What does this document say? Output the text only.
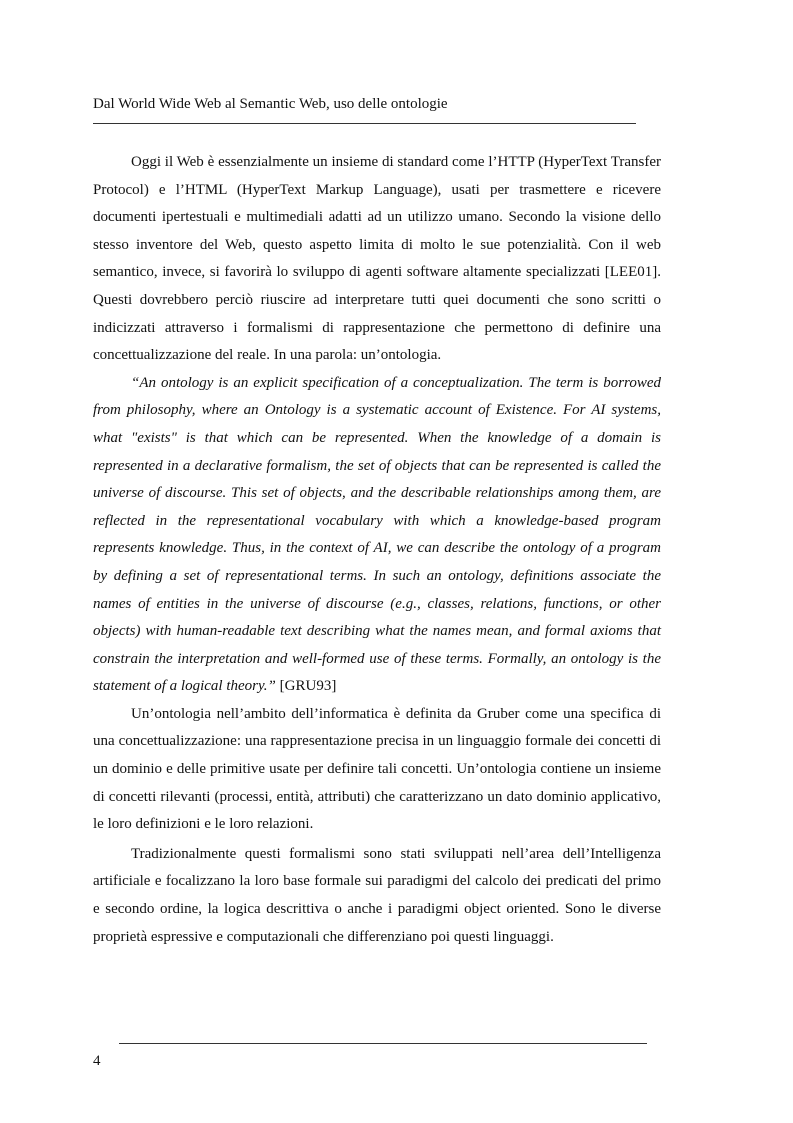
Dal World Wide Web al Semantic Web, uso delle ontologie

Oggi il Web è essenzialmente un insieme di standard come l’HTTP (HyperText Transfer Protocol) e l’HTML (HyperText Markup Language), usati per trasmettere e ricevere documenti ipertestuali e multimediali adatti ad un utilizzo umano. Secondo la visione dello stesso inventore del Web, questo aspetto limita di molto le sue potenzialità. Con il web semantico, invece, si favorirà lo sviluppo di agenti software altamente specializzati [LEE01]. Questi dovrebbero perciò riuscire ad interpretare tutti quei documenti che sono scritti o indicizzati attraverso i formalismi di rappresentazione che permettono di definire una concettualizzazione del reale. In una parola: un’ontologia.

“An ontology is an explicit specification of a conceptualization. The term is borrowed from philosophy, where an Ontology is a systematic account of Existence. For AI systems, what "exists" is that which can be represented. When the knowledge of a domain is represented in a declarative formalism, the set of objects that can be represented is called the universe of discourse. This set of objects, and the describable relationships among them, are reflected in the representational vocabulary with which a knowledge-based program represents knowledge. Thus, in the context of AI, we can describe the ontology of a program by defining a set of representational terms. In such an ontology, definitions associate the names of entities in the universe of discourse (e.g., classes, relations, functions, or other objects) with human-readable text describing what the names mean, and formal axioms that constrain the interpretation and well-formed use of these terms. Formally, an ontology is the statement of a logical theory.” [GRU93]

Un’ontologia nell’ambito dell’informatica è definita da Gruber come una specifica di una concettualizzazione: una rappresentazione precisa in un linguaggio formale dei concetti di un dominio e delle primitive usate per definire tali concetti. Un’ontologia contiene un insieme di concetti rilevanti (processi, entità, attributi) che caratterizzano un dato dominio applicativo, le loro definizioni e le loro relazioni.

Tradizionalmente questi formalismi sono stati sviluppati nell’area dell’Intelligenza artificiale e focalizzano la loro base formale sui paradigmi del calcolo dei predicati del primo e secondo ordine, la logica descrittiva o anche i paradigmi object oriented. Sono le diverse proprietà espressive e computazionali che differenziano poi questi linguaggi.

4
